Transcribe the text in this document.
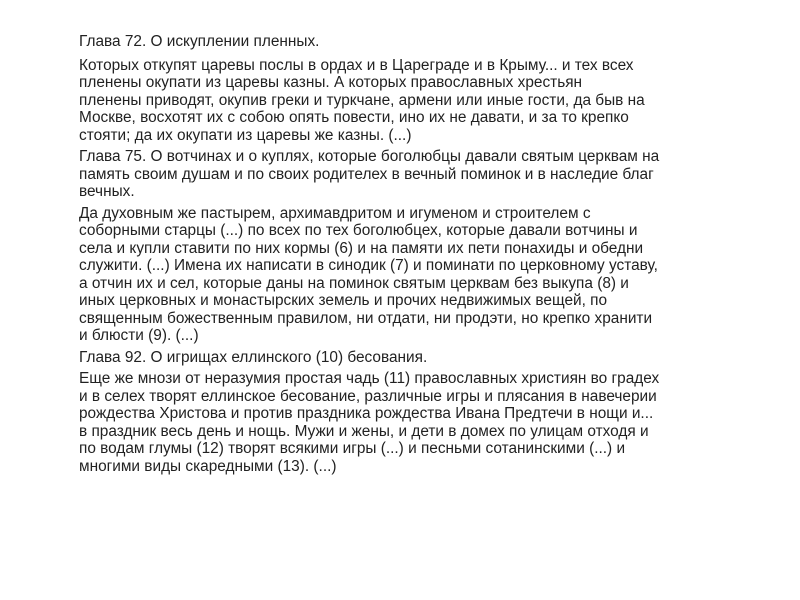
Глава 72. О искуплении пленных.
Которых откупят царевы послы в ордах и в Цареграде и в Крыму... и тех всех
пленены окупати из царевы казны. А которых православных хрестьян
пленены приводят, окупив греки и туркчане, армени или иные гости, да быв на
Москве, восхотят их с собою опять повести, ино их не давати, и за то крепко
стояти; да их окупати из царевы же казны. (...)
Глава 75. О вотчинах и о куплях, которые боголюбцы давали святым церквам на
память своим душам и по своих родителех в вечный поминок и в наследие благ
вечных.
Да духовным же пастырем, архимавдритом и игуменом и строителем с
соборными старцы (...) по всех по тех боголюбцех, которые давали вотчины и
села и купли ставити по них кормы (6) и на памяти их пети понахиды и обедни
служити. (...) Имена их написати в синодик (7) и поминати по церковному уставу,
а отчин их и сел, которые даны на поминок святым церквам без выкупа (8) и
иных церковных и монастырских земель и прочих недвижимых вещей, по
священным божественным правилом, ни отдати, ни продэти, но крепко хранити
и блюсти (9). (...)
Глава 92. О игрищах еллинского (10) бесования.
Еще же мнози от неразумия простая чадь (11) православных християн во градех
и в селех творят еллинское бесование, различные игры и плясания в навечерии
рождества Христова и против праздника рождества Ивана Предтечи в нощи и...
в праздник весь день и нощь. Мужи и жены, и дети в домех по улицам отходя и
по водам глумы (12) творят всякими игры (...) и песньми сотанинскими (...) и
многими виды скаредными (13). (...)
